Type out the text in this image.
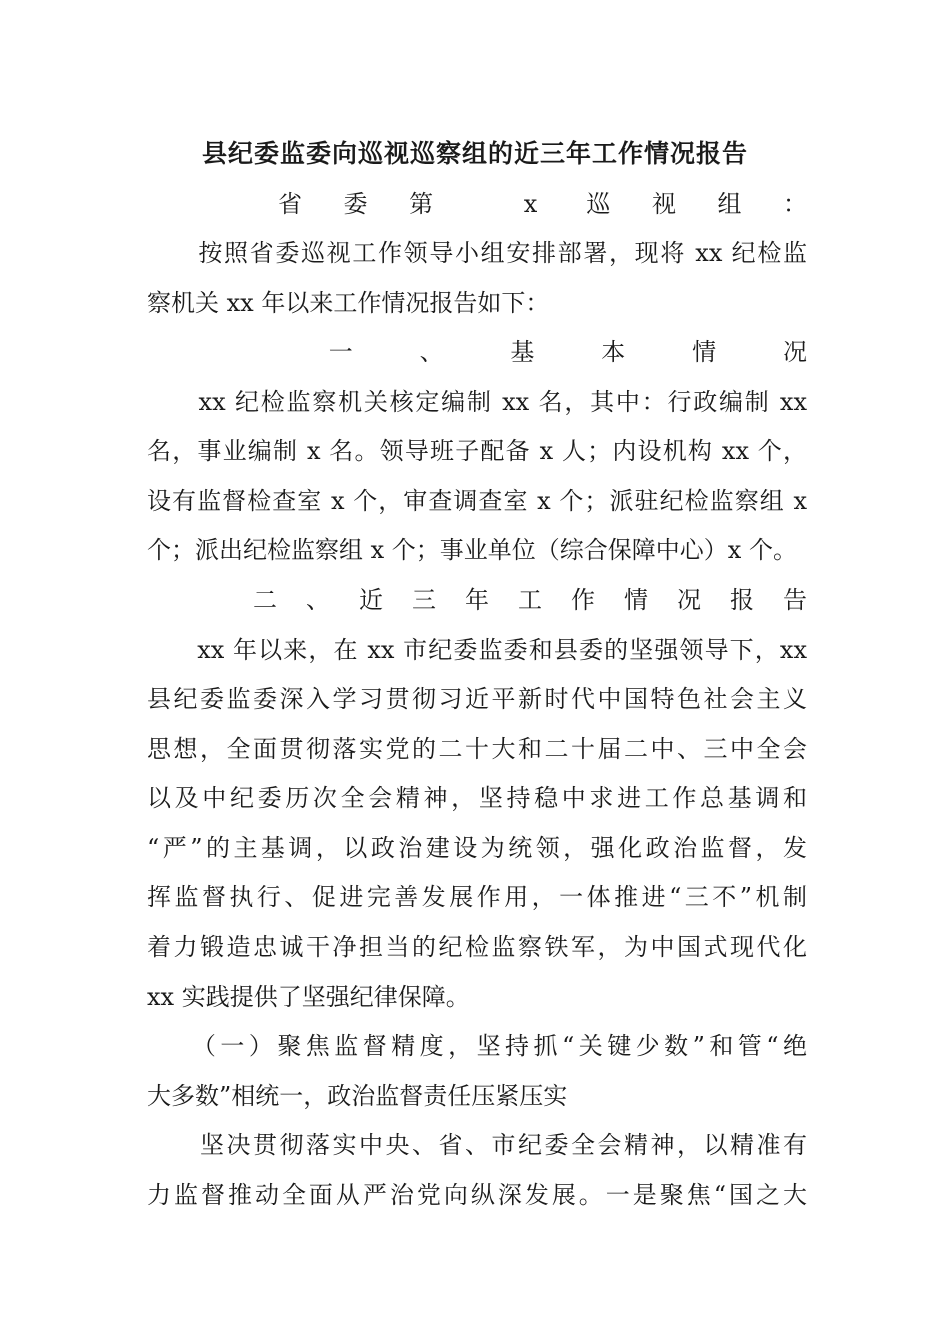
县纪委监委向巡视巡察组的近三年工作情况报告
　　省委第 x 巡视组：
　　按照省委巡视工作领导小组安排部署，现将 xx 纪检监
察机关 xx 年以来工作情况报告如下：
　　一、基本情况
　　xx 纪检监察机关核定编制 xx 名，其中：行政编制 xx
名，事业编制 x 名。领导班子配备 x 人；内设机构 xx 个，
设有监督检查室 x 个，审查调查室 x 个；派驻纪检监察组 x
个；派出纪检监察组 x 个；事业单位（综合保障中心）x 个。
　　二、近三年工作情况报告
　　xx 年以来，在 xx 市纪委监委和县委的坚强领导下，xx
县纪委监委深入学习贯彻习近平新时代中国特色社会主义
思想，全面贯彻落实党的二十大和二十届二中、三中全会
以及中纪委历次全会精神，坚持稳中求进工作总基调和
“严”的主基调，以政治建设为统领，强化政治监督，发
挥监督执行、促进完善发展作用，一体推进“三不”机制
着力锻造忠诚干净担当的纪检监察铁军，为中国式现代化
xx 实践提供了坚强纪律保障。
　　（一）聚焦监督精度，坚持抓“关键少数”和管“绝
大多数”相统一，政治监督责任压紧压实
　　坚决贯彻落实中央、省、市纪委全会精神，以精准有
力监督推动全面从严治党向纵深发展。一是聚焦“国之大
